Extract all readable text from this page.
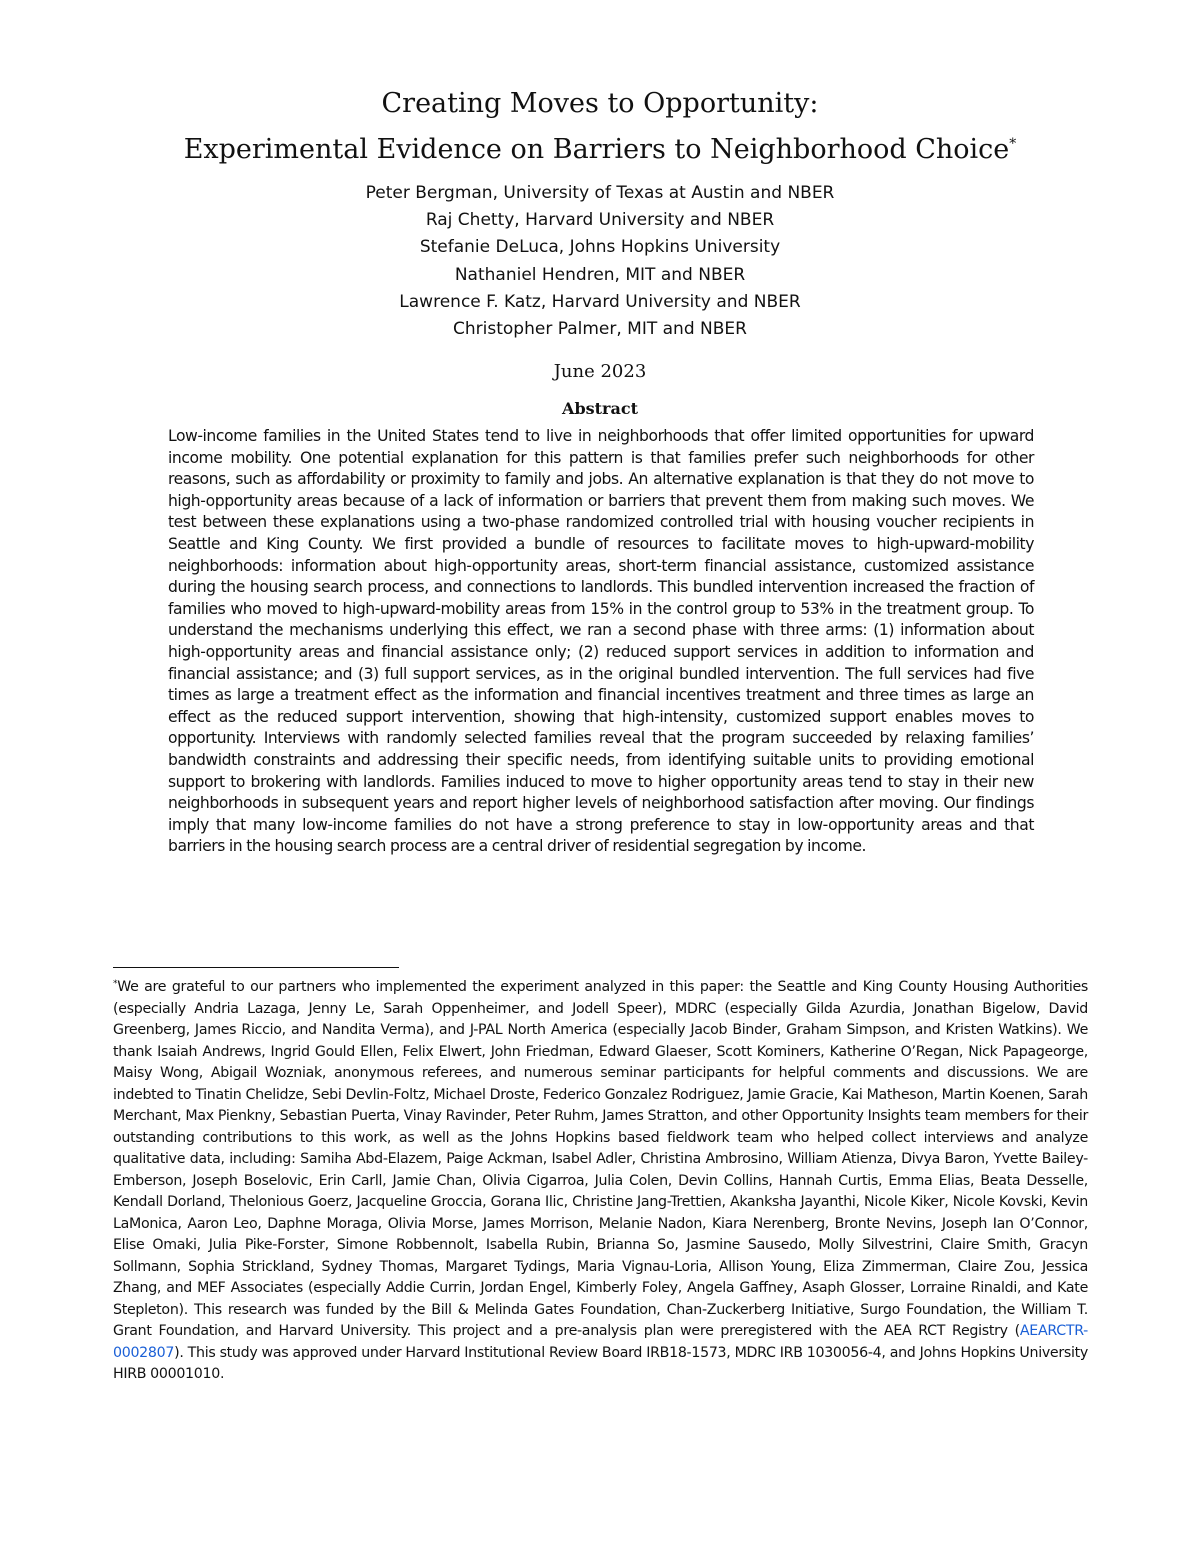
Creating Moves to Opportunity:
Experimental Evidence on Barriers to Neighborhood Choice*
Peter Bergman, University of Texas at Austin and NBER
Raj Chetty, Harvard University and NBER
Stefanie DeLuca, Johns Hopkins University
Nathaniel Hendren, MIT and NBER
Lawrence F. Katz, Harvard University and NBER
Christopher Palmer, MIT and NBER
June 2023
Abstract

Low-income families in the United States tend to live in neighborhoods that offer limited opportunities for upward income mobility. One potential explanation for this pattern is that families prefer such neighborhoods for other reasons, such as affordability or proximity to family and jobs. An alternative explanation is that they do not move to high-opportunity areas because of a lack of information or barriers that prevent them from making such moves. We test between these explanations using a two-phase randomized controlled trial with housing voucher recipients in Seattle and King County. We first provided a bundle of resources to facilitate moves to high-upward-mobility neighborhoods: information about high-opportunity areas, short-term financial assistance, customized assistance during the housing search process, and connections to landlords. This bundled intervention increased the fraction of families who moved to high-upward-mobility areas from 15% in the control group to 53% in the treatment group. To understand the mechanisms underlying this effect, we ran a second phase with three arms: (1) information about high-opportunity areas and financial assistance only; (2) reduced support services in addition to information and financial assistance; and (3) full support services, as in the original bundled intervention. The full services had five times as large a treatment effect as the information and financial incentives treatment and three times as large an effect as the reduced support intervention, showing that high-intensity, customized support enables moves to opportunity. Interviews with randomly selected families reveal that the program succeeded by relaxing families’ bandwidth constraints and addressing their specific needs, from identifying suitable units to providing emotional support to brokering with landlords. Families induced to move to higher opportunity areas tend to stay in their new neighborhoods in subsequent years and report higher levels of neighborhood satisfaction after moving. Our findings imply that many low-income families do not have a strong preference to stay in low-opportunity areas and that barriers in the housing search process are a central driver of residential segregation by income.

*We are grateful to our partners who implemented the experiment analyzed in this paper: the Seattle and King County Housing Authorities (especially Andria Lazaga, Jenny Le, Sarah Oppenheimer, and Jodell Speer), MDRC (especially Gilda Azurdia, Jonathan Bigelow, David Greenberg, James Riccio, and Nandita Verma), and J-PAL North America (especially Jacob Binder, Graham Simpson, and Kristen Watkins). We thank Isaiah Andrews, Ingrid Gould Ellen, Felix Elwert, John Friedman, Edward Glaeser, Scott Kominers, Katherine O’Regan, Nick Papageorge, Maisy Wong, Abigail Wozniak, anonymous referees, and numerous seminar participants for helpful comments and discussions. We are indebted to Tinatin Chelidze, Sebi Devlin-Foltz, Michael Droste, Federico Gonzalez Rodriguez, Jamie Gracie, Kai Matheson, Martin Koenen, Sarah Merchant, Max Pienkny, Sebastian Puerta, Vinay Ravinder, Peter Ruhm, James Stratton, and other Opportunity Insights team members for their outstanding contributions to this work, as well as the Johns Hopkins based fieldwork team who helped collect interviews and analyze qualitative data, including: Samiha Abd-Elazem, Paige Ackman, Isabel Adler, Christina Ambrosino, William Atienza, Divya Baron, Yvette Bailey-Emberson, Joseph Boselovic, Erin Carll, Jamie Chan, Olivia Cigarroa, Julia Colen, Devin Collins, Hannah Curtis, Emma Elias, Beata Desselle, Kendall Dorland, Thelonious Goerz, Jacqueline Groccia, Gorana Ilic, Christine Jang-Trettien, Akanksha Jayanthi, Nicole Kiker, Nicole Kovski, Kevin LaMonica, Aaron Leo, Daphne Moraga, Olivia Morse, James Morrison, Melanie Nadon, Kiara Nerenberg, Bronte Nevins, Joseph Ian O’Connor, Elise Omaki, Julia Pike-Forster, Simone Robbennolt, Isabella Rubin, Brianna So, Jasmine Sausedo, Molly Silvestrini, Claire Smith, Gracyn Sollmann, Sophia Strickland, Sydney Thomas, Margaret Tydings, Maria Vignau-Loria, Allison Young, Eliza Zimmerman, Claire Zou, Jessica Zhang, and MEF Associates (especially Addie Currin, Jordan Engel, Kimberly Foley, Angela Gaffney, Asaph Glosser, Lorraine Rinaldi, and Kate Stepleton). This research was funded by the Bill & Melinda Gates Foundation, Chan-Zuckerberg Initiative, Surgo Foundation, the William T. Grant Foundation, and Harvard University. This project and a pre-analysis plan were preregistered with the AEA RCT Registry (AEARCTR-0002807). This study was approved under Harvard Institutional Review Board IRB18-1573, MDRC IRB 1030056-4, and Johns Hopkins University HIRB 00001010.
